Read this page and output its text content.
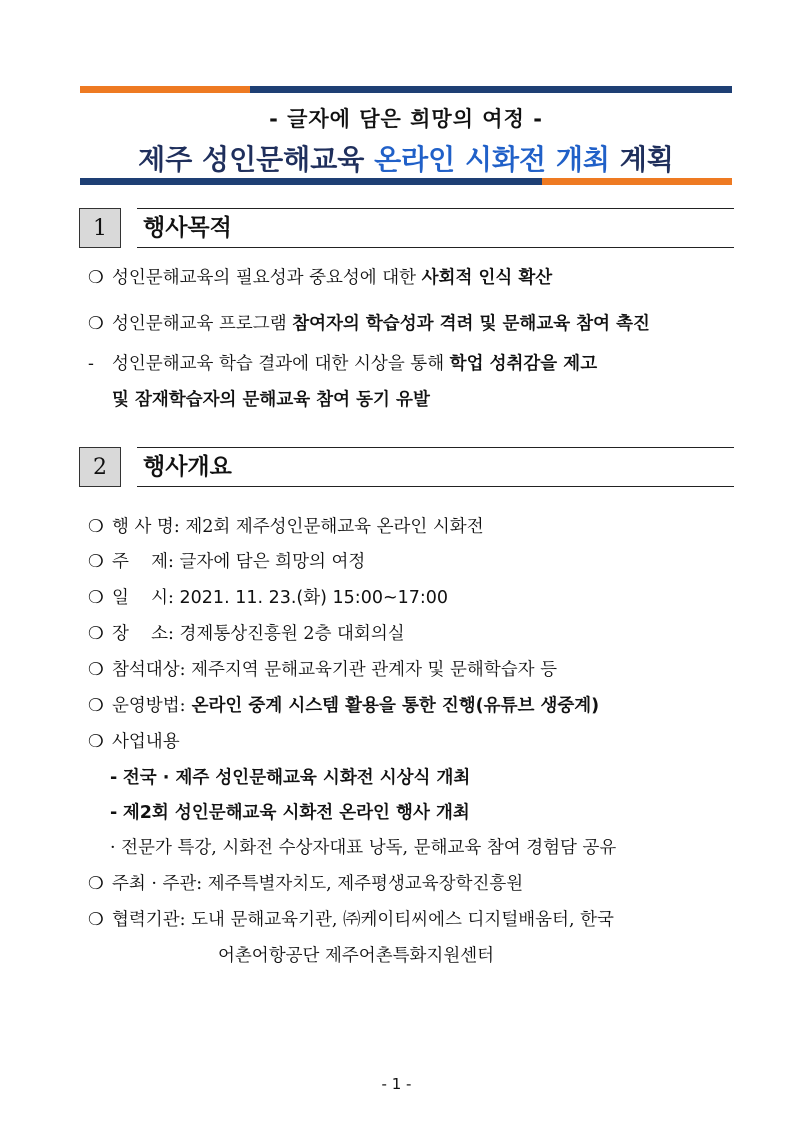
- 글자에 담은 희망의 여정 -
제주 성인문해교육 온라인 시화전 개최 계획
1	행사목적
❍ 성인문해교육의 필요성과 중요성에 대한 사회적 인식 확산
❍ 성인문해교육 프로그램 참여자의 학습성과 격려 및 문해교육 참여 촉진
- 성인문해교육 학습 결과에 대한 시상을 통해 학업 성취감을 제고
및 잠재학습자의 문해교육 참여 동기 유발
2	행사개요
❍ 행 사 명: 제2회 제주성인문해교육 온라인 시화전
❍ 주    제: 글자에 담은 희망의 여정
❍ 일    시: 2021. 11. 23.(화) 15:00~17:00
❍ 장    소: 경제통상진흥원 2층 대회의실
❍ 참석대상: 제주지역 문해교육기관 관계자 및 문해학습자 등
❍ 운영방법: 온라인 중계 시스템 활용을 통한 진행(유튜브 생중계)
❍ 사업내용
- 전국 · 제주 성인문해교육 시화전 시상식 개최
- 제2회 성인문해교육 시화전 온라인 행사 개최
· 전문가 특강, 시화전 수상자대표 낭독, 문해교육 참여 경험담 공유
❍ 주최 · 주관: 제주특별자치도, 제주평생교육장학진흥원
❍ 협력기관: 도내 문해교육기관, ㈜케이티씨에스 디지털배움터, 한국
어촌어항공단 제주어촌특화지원센터
- 1 -
